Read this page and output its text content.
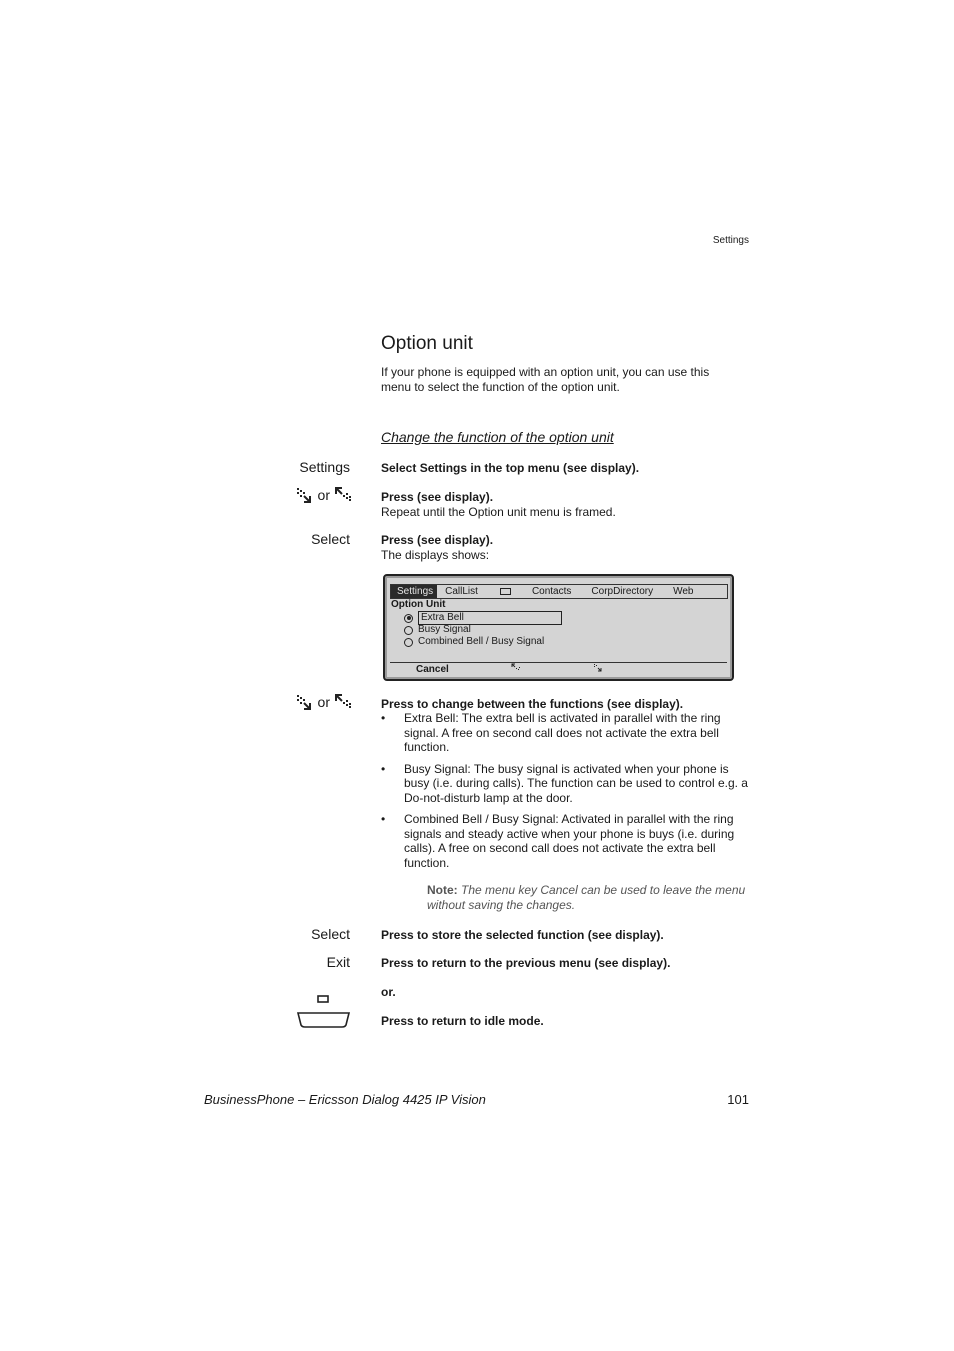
Settings
Option unit
If your phone is equipped with an option unit, you can use this menu to select the function of the option unit.
Change the function of the option unit
Settings	Select Settings in the top menu (see display).
or	Press (see display).
Repeat until the Option unit menu is framed.
Select	Press (see display).
The displays shows:
Settings	CallList	Contacts CorpDirectory Web
Option Unit
Extra Bell
Busy Signal
Combined Bell / Busy Signal
Cancel
or	Press to change between the functions (see display).
• Extra Bell: The extra bell is activated in parallel with the ring signal. A free on second call does not activate the extra bell function.
• Busy Signal: The busy signal is activated when your phone is busy (i.e. during calls). The function can be used to control e.g. a Do-not-disturb lamp at the door.
• Combined Bell / Busy Signal: Activated in parallel with the ring signals and steady active when your phone is buys (i.e. during calls). A free on second call does not activate the extra bell function.
Note: The menu key Cancel can be used to leave the menu without saving the changes.
Select	Press to store the selected function (see display).
Exit	Press to return to the previous menu (see display).
or.
Press to return to idle mode.
BusinessPhone – Ericsson Dialog 4425 IP Vision	101
